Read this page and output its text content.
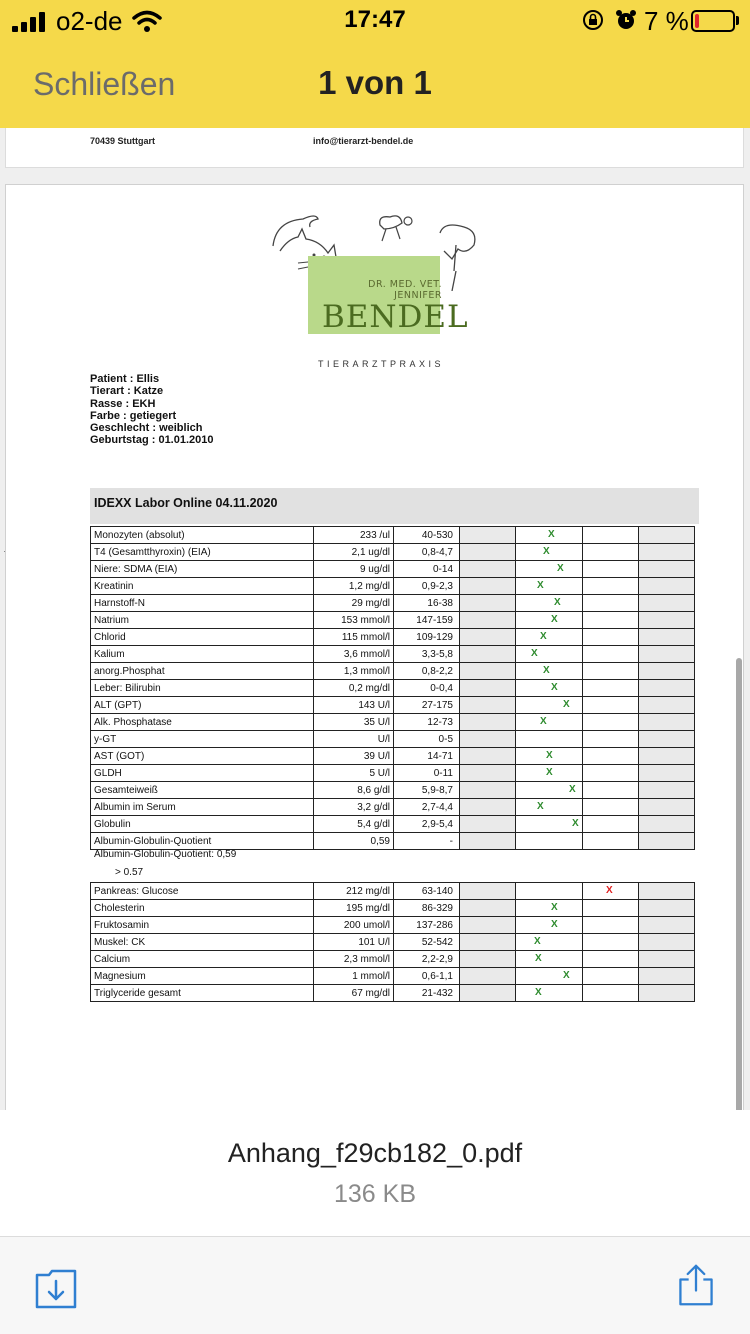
o2-de	17:47	7 %
Schließen	1 von 1
70439 Stuttgart	info@tierarzt-bendel.de
DR. MED. VET.
JENNIFER
BENDEL
TIERARZTPRAXIS
Patient : Ellis
Tierart : Katze
Rasse : EKH
Farbe : getiegert
Geschlecht : weiblich
Geburtstag : 01.01.2010
IDEXX Labor Online 04.11.2020
Monozyten (absolut)	233 /ul	40-530		X		

T4 (Gesamtthyroxin) (EIA)	2,1 ug/dl	0,8-4,7		X		

Niere: SDMA (EIA)	9 ug/dl	0-14		X		

Kreatinin	1,2 mg/dl	0,9-2,3		X		

Harnstoff-N	29 mg/dl	16-38		X		

Natrium	153 mmol/l	147-159		X		

Chlorid	115 mmol/l	109-129		X		

Kalium	3,6 mmol/l	3,3-5,8		X		

anorg.Phosphat	1,3 mmol/l	0,8-2,2		X		

Leber: Bilirubin	0,2 mg/dl	0-0,4		X		

ALT (GPT)	143 U/l	27-175		X		

Alk. Phosphatase	35 U/l	12-73		X		

y-GT	U/l	0-5				
AST (GOT)	39 U/l	14-71		X		

GLDH	5 U/l	0-11		X		

Gesamteiweiß	8,6 g/dl	5,9-8,7		X		

Albumin im Serum	3,2 g/dl	2,7-4,4		X		

Globulin	5,4 g/dl	2,9-5,4		X		

Albumin-Globulin-Quotient	0,59	-				
Albumin-Globulin-Quotient: 0,59
> 0.57
Pankreas: Glucose	212 mg/dl	63-140			X	

Cholesterin	195 mg/dl	86-329		X		

Fruktosamin	200 umol/l	137-286		X		

Muskel: CK	101 U/l	52-542		X		

Calcium	2,3 mmol/l	2,2-2,9		X		

Magnesium	1 mmol/l	0,6-1,1		X		

Triglyceride gesamt	67 mg/dl	21-432		X		

Anhang_f29cb182_0.pdf
136 KB
